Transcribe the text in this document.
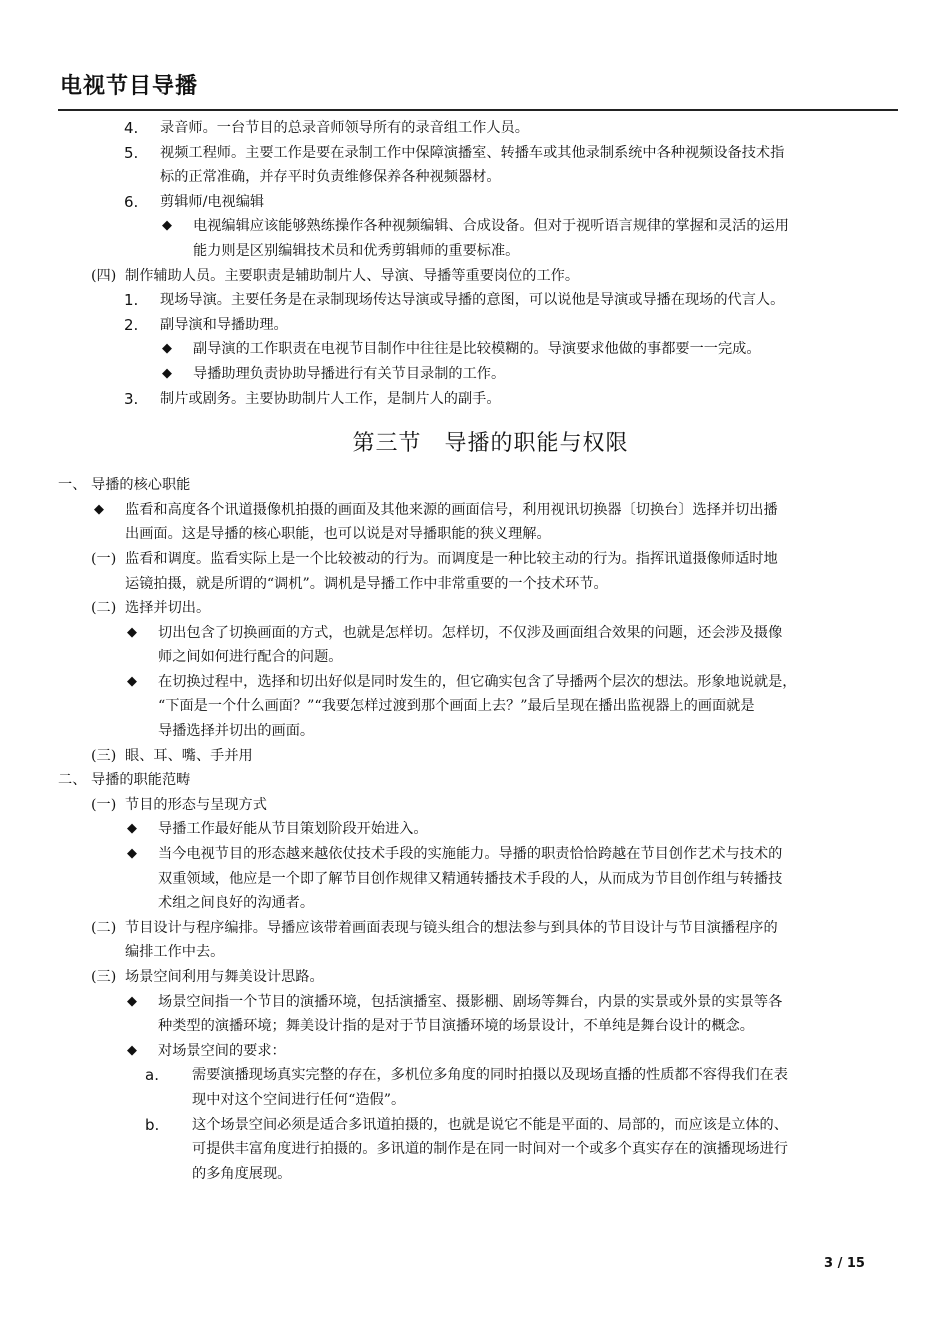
电视节目导播
4. 录音师。一台节目的总录音师领导所有的录音组工作人员。
5. 视频工程师。主要工作是要在录制工作中保障演播室、转播车或其他录制系统中各种视频设备技术指
标的正常准确，并存平时负责维修保养各种视频器材。
6. 剪辑师/电视编辑
◆ 电视编辑应该能够熟练操作各种视频编辑、合成设备。但对于视听语言规律的掌握和灵活的运用
能力则是区别编辑技术员和优秀剪辑师的重要标准。
(四) 制作辅助人员。主要职责是辅助制片人、导演、导播等重要岗位的工作。
1. 现场导演。主要任务是在录制现场传达导演或导播的意图，可以说他是导演或导播在现场的代言人。
2. 副导演和导播助理。
◆ 副导演的工作职责在电视节目制作中往往是比较模糊的。导演要求他做的事都要一一完成。
◆ 导播助理负责协助导播进行有关节目录制的工作。
3. 制片或剧务。主要协助制片人工作，是制片人的副手。
第三节　导播的职能与权限
一、 导播的核心职能
◆ 监看和高度各个讯道摄像机拍摄的画面及其他来源的画面信号，利用视讯切换器〔切换台〕选择并切出播
出画面。这是导播的核心职能，也可以说是对导播职能的狭义理解。
(一) 监看和调度。监看实际上是一个比较被动的行为。而调度是一种比较主动的行为。指挥讯道摄像师适时地
运镜拍摄，就是所谓的“调机”。调机是导播工作中非常重要的一个技术环节。
(二) 选择并切出。
◆ 切出包含了切换画面的方式，也就是怎样切。怎样切，不仅涉及画面组合效果的问题，还会涉及摄像
师之间如何进行配合的问题。
◆ 在切换过程中，选择和切出好似是同时发生的，但它确实包含了导播两个层次的想法。形象地说就是，
“下面是一个什么画面？”“我要怎样过渡到那个画面上去？”最后呈现在播出监视器上的画面就是
导播选择并切出的画面。
(三) 眼、耳、嘴、手并用
二、 导播的职能范畴
(一) 节目的形态与呈现方式
◆ 导播工作最好能从节目策划阶段开始进入。
◆ 当今电视节目的形态越来越依仗技术手段的实施能力。导播的职责恰恰跨越在节目创作艺术与技术的
双重领域，他应是一个即了解节目创作规律又精通转播技术手段的人，从而成为节目创作组与转播技
术组之间良好的沟通者。
(二) 节目设计与程序编排。导播应该带着画面表现与镜头组合的想法参与到具体的节目设计与节目演播程序的
编排工作中去。
(三) 场景空间利用与舞美设计思路。
◆ 场景空间指一个节目的演播环境，包括演播室、摄影棚、剧场等舞台，内景的实景或外景的实景等各
种类型的演播环境；舞美设计指的是对于节目演播环境的场景设计，不单纯是舞台设计的概念。
◆ 对场景空间的要求：
a. 需要演播现场真实完整的存在，多机位多角度的同时拍摄以及现场直播的性质都不容得我们在表
现中对这个空间进行任何“造假”。
b. 这个场景空间必须是适合多讯道拍摄的，也就是说它不能是平面的、局部的，而应该是立体的、
可提供丰富角度进行拍摄的。多讯道的制作是在同一时间对一个或多个真实存在的演播现场进行
的多角度展现。
3 / 15
